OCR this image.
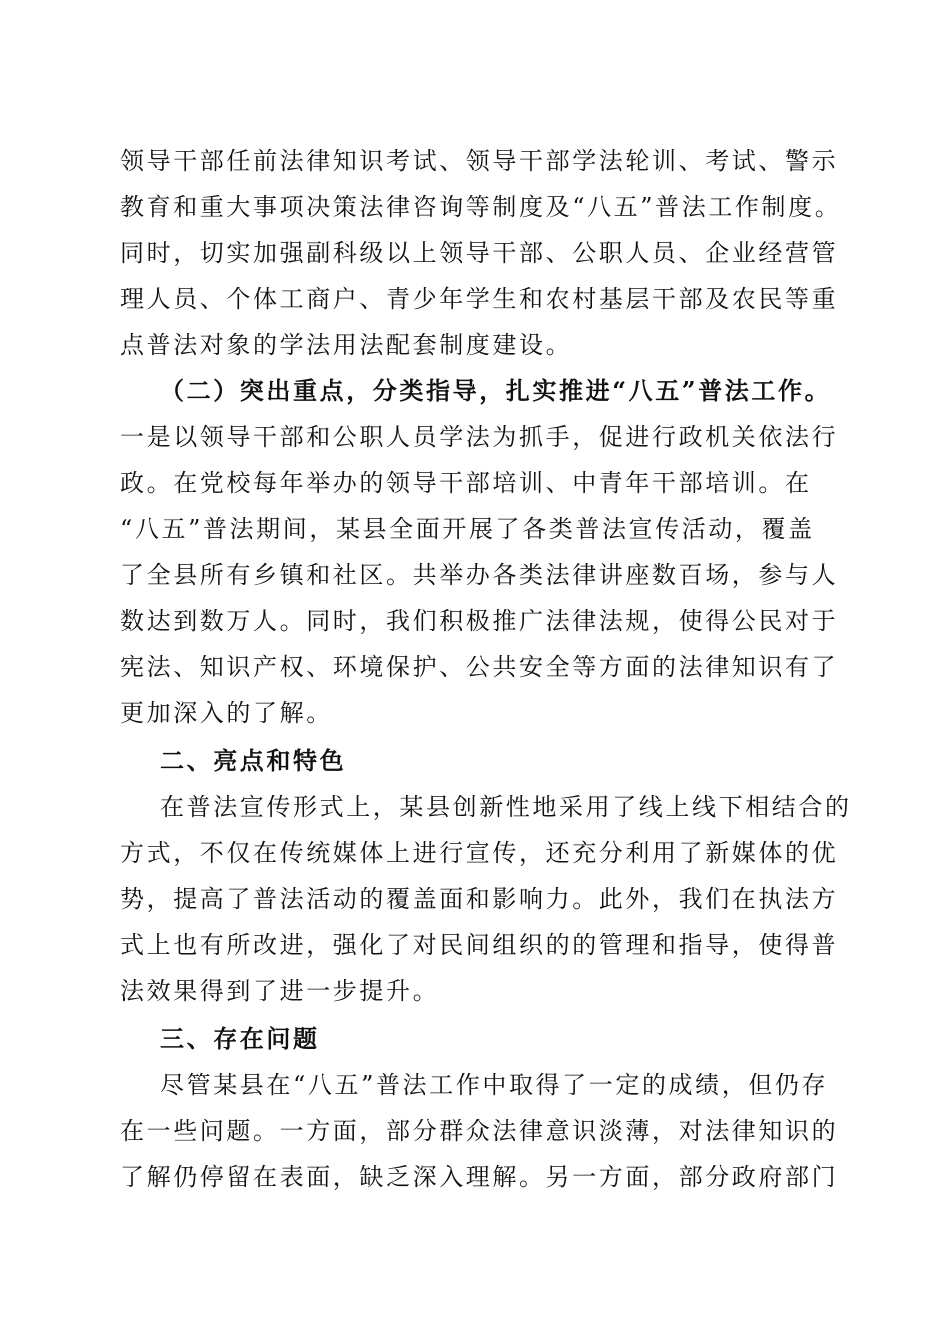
领导干部任前法律知识考试、领导干部学法轮训、考试、警示
教育和重大事项决策法律咨询等制度及“八五”普法工作制度。
同时，切实加强副科级以上领导干部、公职人员、企业经营管
理人员、个体工商户、青少年学生和农村基层干部及农民等重
点普法对象的学法用法配套制度建设。
（二）突出重点，分类指导，扎实推进“八五”普法工作。
一是以领导干部和公职人员学法为抓手，促进行政机关依法行
政。在党校每年举办的领导干部培训、中青年干部培训。在
“八五”普法期间，某县全面开展了各类普法宣传活动，覆盖
了全县所有乡镇和社区。共举办各类法律讲座数百场，参与人
数达到数万人。同时，我们积极推广法律法规，使得公民对于
宪法、知识产权、环境保护、公共安全等方面的法律知识有了
更加深入的了解。
二、亮点和特色
在普法宣传形式上，某县创新性地采用了线上线下相结合的
方式，不仅在传统媒体上进行宣传，还充分利用了新媒体的优
势，提高了普法活动的覆盖面和影响力。此外，我们在执法方
式上也有所改进，强化了对民间组织的的管理和指导，使得普
法效果得到了进一步提升。
三、存在问题
尽管某县在“八五”普法工作中取得了一定的成绩，但仍存
在一些问题。一方面，部分群众法律意识淡薄，对法律知识的
了解仍停留在表面，缺乏深入理解。另一方面，部分政府部门
